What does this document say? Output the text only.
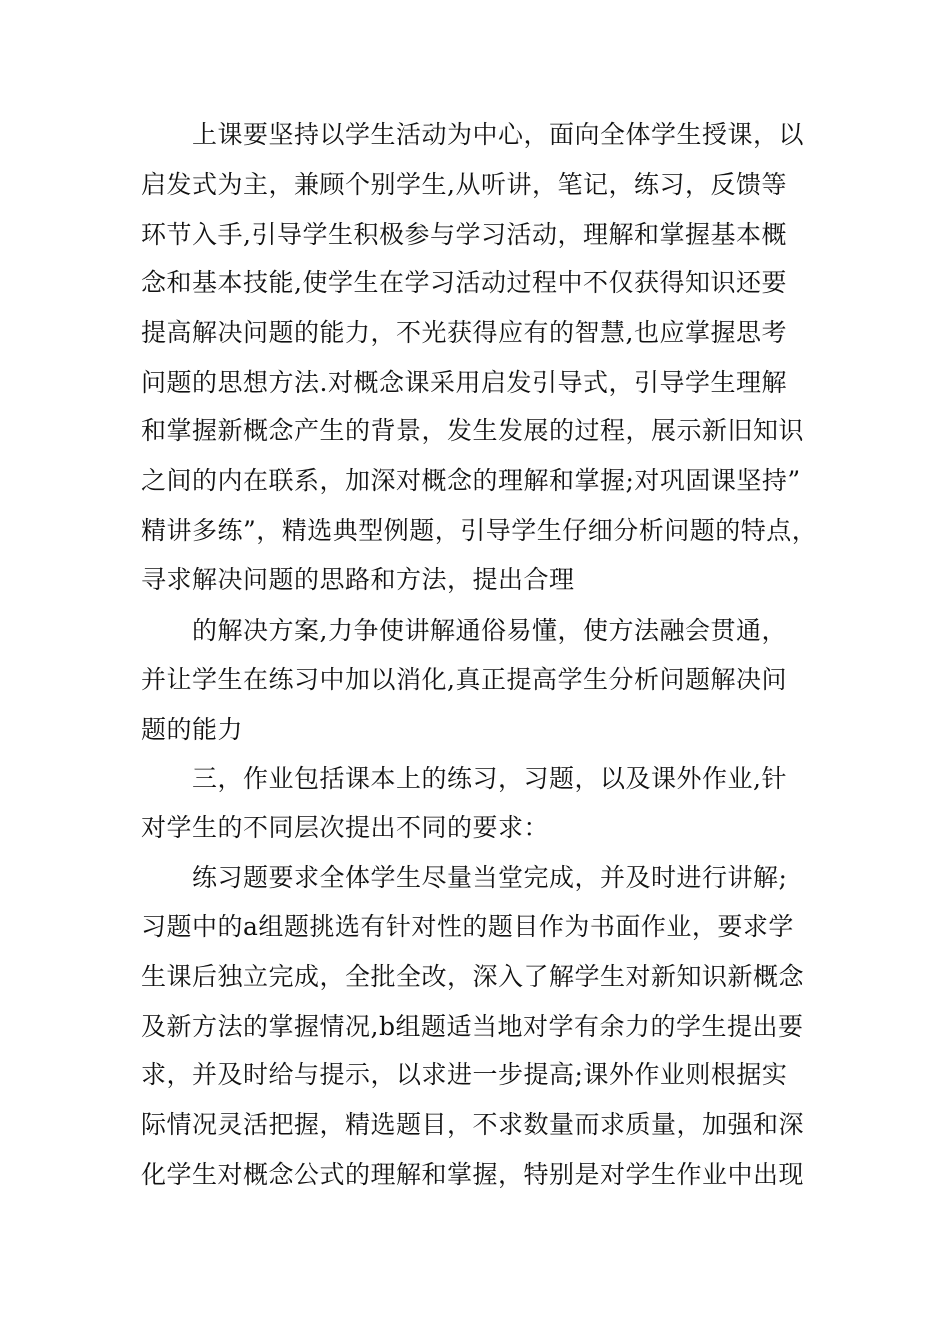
上课要坚持以学生活动为中心，面向全体学生授课，以
启发式为主，兼顾个别学生,从听讲，笔记，练习，反馈等
环节入手,引导学生积极参与学习活动，理解和掌握基本概
念和基本技能,使学生在学习活动过程中不仅获得知识还要
提高解决问题的能力，不光获得应有的智慧,也应掌握思考
问题的思想方法.对概念课采用启发引导式，引导学生理解
和掌握新概念产生的背景，发生发展的过程，展示新旧知识
之间的内在联系，加深对概念的理解和掌握;对巩固课坚持”
精讲多练”，精选典型例题，引导学生仔细分析问题的特点，
寻求解决问题的思路和方法，提出合理
的解决方案,力争使讲解通俗易懂，使方法融会贯通，
并让学生在练习中加以消化,真正提高学生分析问题解决问
题的能力
三，作业包括课本上的练习，习题，以及课外作业,针
对学生的不同层次提出不同的要求：
练习题要求全体学生尽量当堂完成，并及时进行讲解;
习题中的a组题挑选有针对性的题目作为书面作业，要求学
生课后独立完成，全批全改，深入了解学生对新知识新概念
及新方法的掌握情况,b组题适当地对学有余力的学生提出要
求，并及时给与提示，以求进一步提高;课外作业则根据实
际情况灵活把握，精选题目，不求数量而求质量，加强和深
化学生对概念公式的理解和掌握，特别是对学生作业中出现
